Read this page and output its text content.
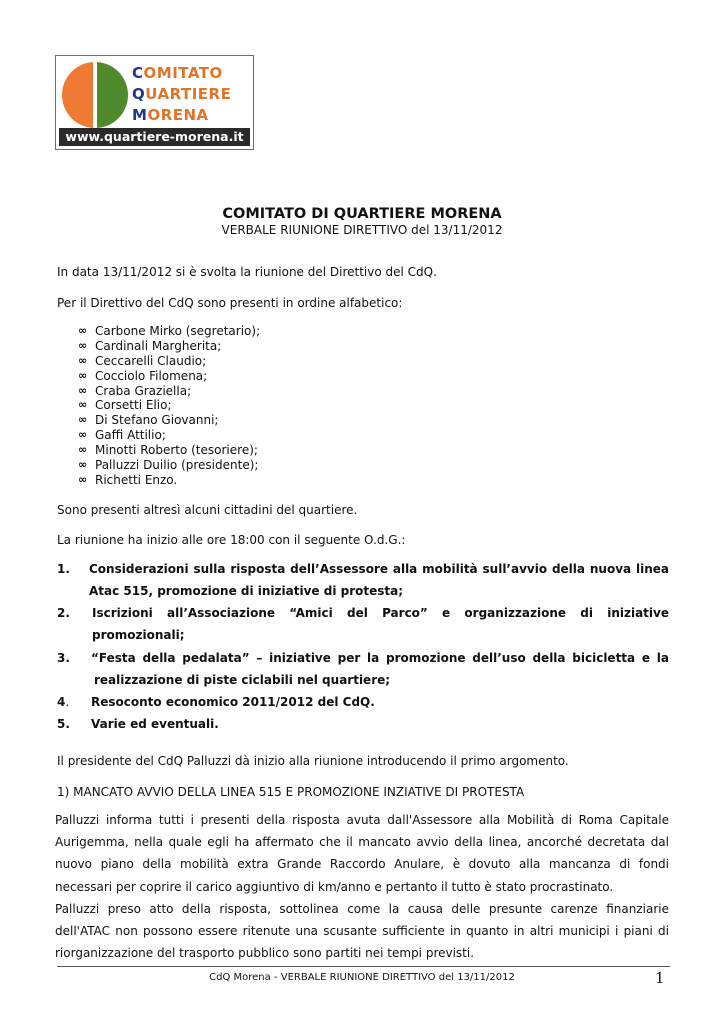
COMITATO
QUARTIERE
MORENA
www.quartiere-morena.it
COMITATO DI QUARTIERE MORENA
VERBALE RIUNIONE DIRETTIVO del 13/11/2012
In data 13/11/2012 si è svolta la riunione del Direttivo del CdQ.
Per il Direttivo del CdQ sono presenti in ordine alfabetico:
∞ Carbone Mirko (segretario);
∞ Cardinali Margherita;
∞ Ceccarelli Claudio;
∞ Cocciolo Filomena;
∞ Craba Graziella;
∞ Corsetti Elio;
∞ Di Stefano Giovanni;
∞ Gaffi Attilio;
∞ Minotti Roberto (tesoriere);
∞ Palluzzi Duilio (presidente);
∞ Richetti Enzo.
Sono presenti altresì alcuni cittadini del quartiere.
La riunione ha inizio alle ore 18:00 con il seguente O.d.G.:
1. Considerazioni sulla risposta dell’Assessore alla mobilità sull’avvio della nuova linea
Atac 515, promozione di iniziative di protesta;
2. Iscrizioni all’Associazione “Amici del Parco” e organizzazione di iniziative
promozionali;
3. “Festa della pedalata” – iniziative per la promozione dell’uso della bicicletta e la
realizzazione di piste ciclabili nel quartiere;
4. Resoconto economico 2011/2012 del CdQ.
5. Varie ed eventuali.
Il presidente del CdQ Palluzzi dà inizio alla riunione introducendo il primo argomento.
1) MANCATO AVVIO DELLA LINEA 515 E PROMOZIONE INZIATIVE DI PROTESTA
Palluzzi informa tutti i presenti della risposta avuta dall'Assessore alla Mobilità di Roma Capitale
Aurigemma, nella quale egli ha affermato che il mancato avvio della linea, ancorché decretata dal
nuovo piano della mobilità extra Grande Raccordo Anulare, è dovuto alla mancanza di fondi
necessari per coprire il carico aggiuntivo di km/anno e pertanto il tutto è stato procrastinato.
Palluzzi preso atto della risposta, sottolinea come la causa delle presunte carenze finanziarie
dell'ATAC non possono essere ritenute una scusante sufficiente in quanto in altri municipi i piani di
riorganizzazione del trasporto pubblico sono partiti nei tempi previsti.
CdQ Morena - VERBALE RIUNIONE DIRETTIVO del 13/11/2012	1
